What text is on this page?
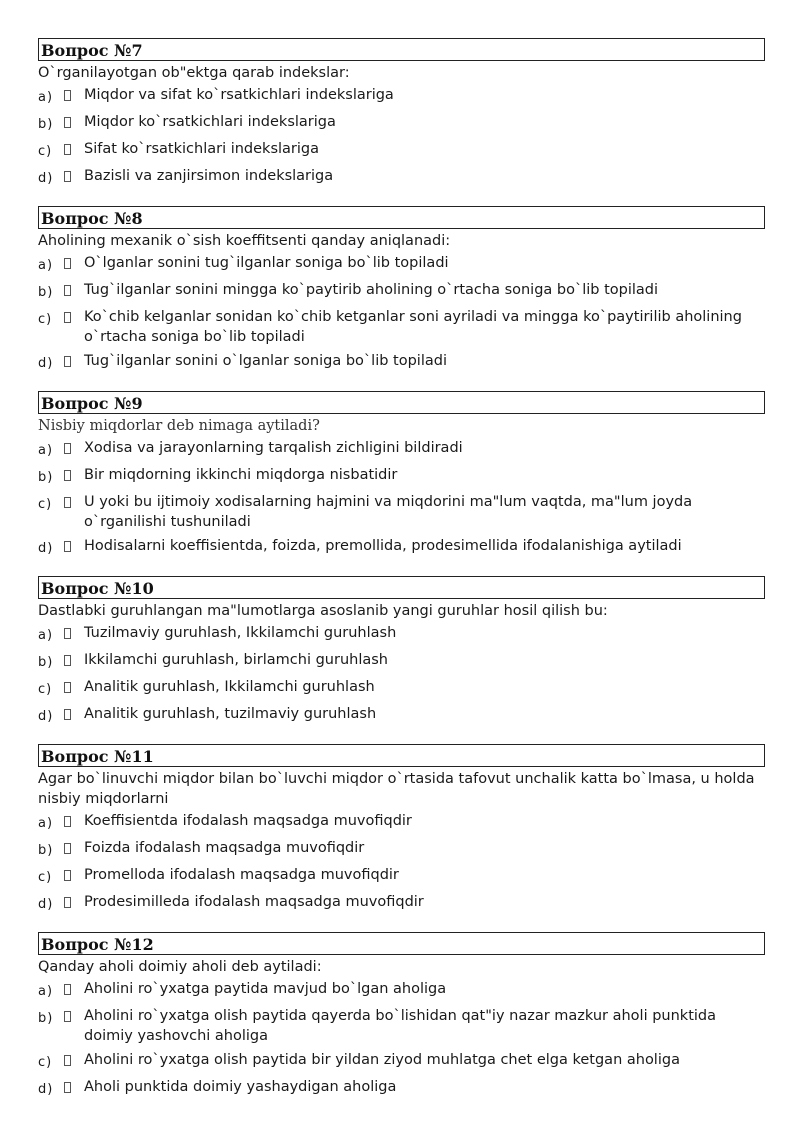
Вопрос №7
O`rganilayotgan ob"ektga qarab indekslar:
a)	Miqdor va sifat ko`rsatkichlari indekslariga
b)	Miqdor ko`rsatkichlari indekslariga
c)	Sifat ko`rsatkichlari indekslariga
d)	Bazisli va zanjirsimon indekslariga
Вопрос №8
Aholining mexanik o`sish koeffitsenti qanday aniqlanadi:
a)	O`lganlar sonini tug`ilganlar soniga bo`lib topiladi
b)	Tug`ilganlar sonini mingga ko`paytirib aholining o`rtacha soniga bo`lib topiladi
c)	Ko`chib kelganlar sonidan ko`chib ketganlar soni ayriladi va mingga ko`paytirilib aholining o`rtacha soniga bo`lib topiladi
d)	Tug`ilganlar sonini o`lganlar soniga bo`lib topiladi
Вопрос №9
Nisbiy miqdorlar deb nimaga aytiladi?
a)	Xodisa va jarayonlarning tarqalish zichligini bildiradi
b)	Bir miqdorning ikkinchi miqdorga nisbatidir
c)	U yoki bu ijtimoiy xodisalarning hajmini va miqdorini ma"lum vaqtda, ma"lum joyda o`rganilishi tushuniladi
d)	Hodisalarni koeffisientda, foizda, premollida, prodesimellida ifodalanishiga aytiladi
Вопрос №10
Dastlabki guruhlangan ma"lumotlarga asoslanib yangi guruhlar hosil qilish bu:
a)	Tuzilmaviy guruhlash, Ikkilamchi guruhlash
b)	Ikkilamchi guruhlash, birlamchi guruhlash
c)	Analitik guruhlash, Ikkilamchi guruhlash
d)	Analitik guruhlash, tuzilmaviy guruhlash
Вопрос №11
Agar bo`linuvchi miqdor bilan bo`luvchi miqdor o`rtasida tafovut unchalik katta bo`lmasa, u holda nisbiy miqdorlarni
a)	Koeffisientda ifodalash maqsadga muvofiqdir
b)	Foizda ifodalash maqsadga muvofiqdir
c)	Promelloda ifodalash maqsadga muvofiqdir
d)	Prodesimilleda ifodalash maqsadga muvofiqdir
Вопрос №12
Qanday aholi doimiy aholi deb aytiladi:
a)	Aholini ro`yxatga paytida mavjud bo`lgan aholiga
b)	Aholini ro`yxatga olish paytida qayerda bo`lishidan qat"iy nazar mazkur aholi punktida doimiy yashovchi aholiga
c)	Aholini ro`yxatga olish paytida bir yildan ziyod muhlatga chet elga ketgan aholiga
d)	Aholi punktida doimiy yashaydigan aholiga
